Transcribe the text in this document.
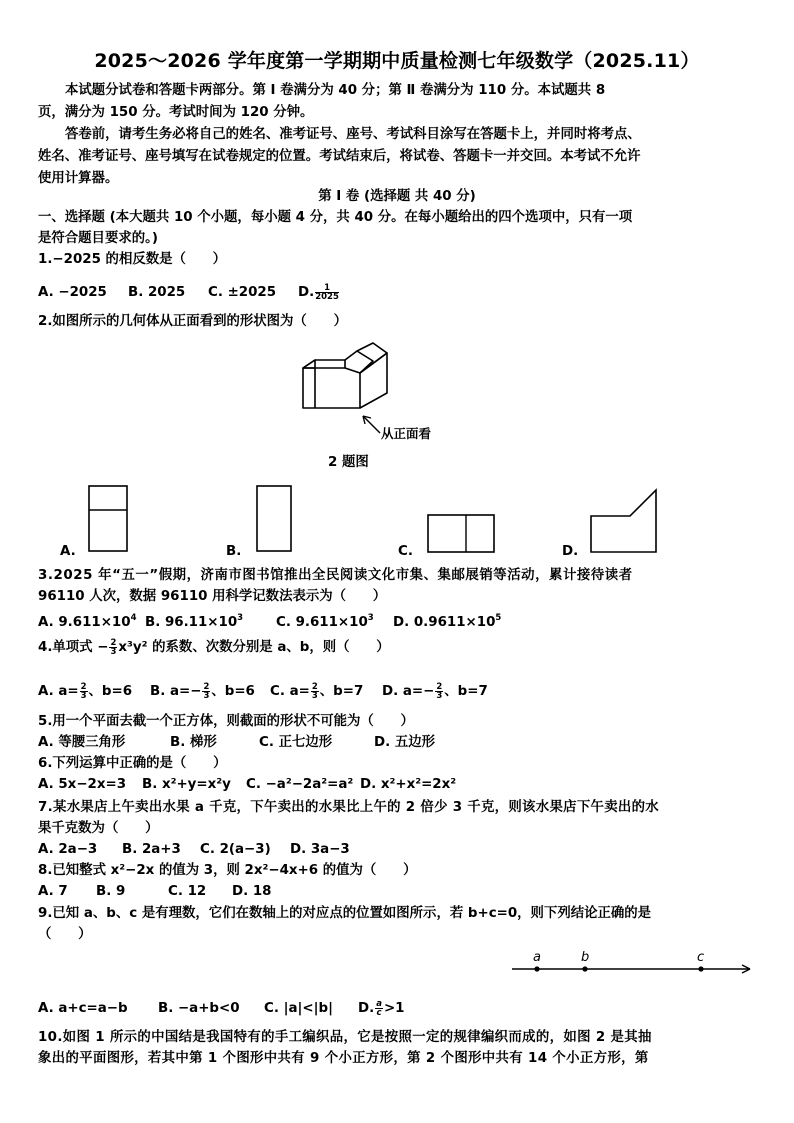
2025～2026 学年度第一学期期中质量检测七年级数学（2025.11）
本试题分试卷和答题卡两部分。第 Ⅰ 卷满分为 40 分；第 Ⅱ 卷满分为 110 分。本试题共 8
页，满分为 150 分。考试时间为 120 分钟。
答卷前，请考生务必将自己的姓名、准考证号、座号、考试科目涂写在答题卡上，并同时将考点、
姓名、准考证号、座号填写在试卷规定的位置。考试结束后，将试卷、答题卡一并交回。本考试不允许
使用计算器。
第 Ⅰ 卷 (选择题 共 40 分)
一、选择题 (本大题共 10 个小题，每小题 4 分，共 40 分。在每小题给出的四个选项中，只有一项
是符合题目要求的。)
1.−2025 的相反数是（　　）
A. −2025 B. 2025 C. ±2025 D. $\frac{1}{2025}$
2.如图所示的几何体从正面看到的形状图为（　　）
从正面看
2 题图
A.	B.	C.	D.
3.2025 年“五一”假期，济南市图书馆推出全民阅读文化市集、集邮展销等活动，累计接待读者
96110 人次，数据 96110 用科学记数法表示为（　　）
A. $9.611\times 10^4$ B. $96.11\times 10^3$ C. $9.611\times 10^3$ D. $0.9611\times 10^5$
4.单项式 − $\frac{2}{3} x^3y^2$ 的系数、次数分别是 a、b，则（　　）
A. $a= \frac{2}{3}$ 、b=6 B. $a=- \frac{2}{3}$ 、b=6 C. $a= \frac{2}{3}$ 、b=7 D. $a=- \frac{2}{3}$ 、b=7
5.用一个平面去截一个正方体，则截面的形状不可能为（　　）
A. 等腰三角形	B. 梯形	C. 正七边形	D. 五边形
6.下列运算中正确的是（　　）
A. 5x−2x=3 B. x²+y=x²y C. −a²−2a²=a² D. x²+x²=2x²
7.某水果店上午卖出水果 a 千克，下午卖出的水果比上午的 2 倍少 3 千克，则该水果店下午卖出的水
果千克数为（　　）
A. 2a−3 B. 2a+3 C. 2(a−3) D. 3a−3
8.已知整式 x²−2x 的值为 3，则 2x²−4x+6 的值为（　　）
A. 7 B. 9	C. 12 D. 18
9.已知 a、b、c 是有理数，它们在数轴上的对应点的位置如图所示，若 b+c=0，则下列结论正确的是
（　　）
a	b	c
A. a+c=a−b B. −a+b<0 C. |a|<|b| D. $\frac{a}{c} >1$
10.如图 1 所示的中国结是我国特有的手工编织品，它是按照一定的规律编织而成的，如图 2 是其抽
象出的平面图形，若其中第 1 个图形中共有 9 个小正方形，第 2 个图形中共有 14 个小正方形，第
